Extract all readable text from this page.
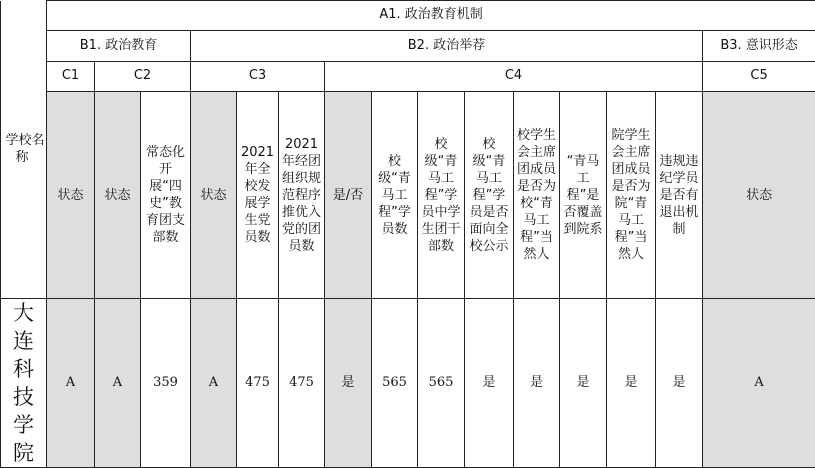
学校名称	A1. 政治教育机制														
	B1. 政治教育			B2. 政治举荐											B3. 意识形态
	C1	C2		C3			C4								C5

	状态	状态	常态化开展“四史”教育团支部数	状态	2021年全校发展学生党员数	2021年经团组织规范程序推优入党的团员数	是/否	校级“青马工程”学员数	校级“青马工程”学员中学生团干部数	校级“青马工程”学员是否面向全校公示	校学生会主席团成员是否为校“青马工程”当然人	“青马工程”是否覆盖到院系	院学生会主席团成员是否为院“青马工程”当然人	违规违纪学员是否有退出机制	状态

大连科技学院	A	A	359	A	475	475	是	565	565	是	是	是	是	是	A
